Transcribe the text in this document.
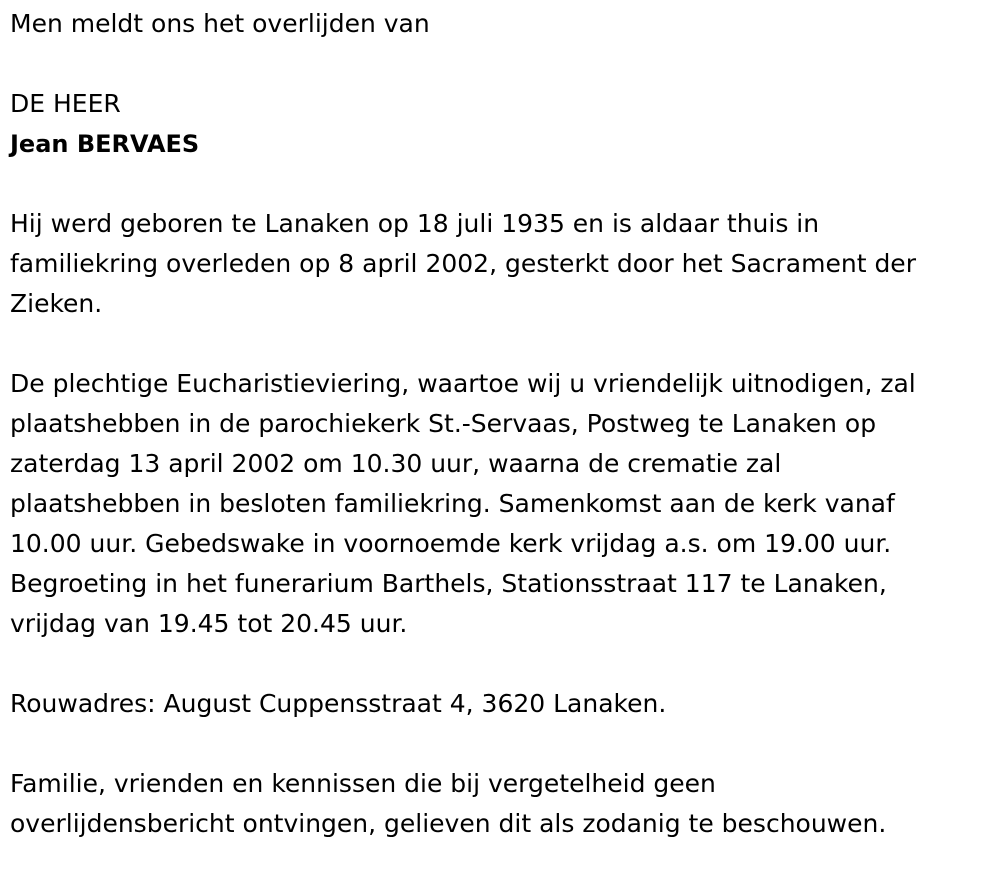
Men meldt ons het overlijden van

DE HEER

Jean BERVAES

Hij werd geboren te Lanaken op 18 juli 1935 en is aldaar thuis in

familiekring overleden op 8 april 2002, gesterkt door het Sacrament der

Zieken.

De plechtige Eucharistieviering, waartoe wij u vriendelijk uitnodigen, zal

plaatshebben in de parochiekerk St.-Servaas, Postweg te Lanaken op

zaterdag 13 april 2002 om 10.30 uur, waarna de crematie zal

plaatshebben in besloten familiekring. Samenkomst aan de kerk vanaf

10.00 uur. Gebedswake in voornoemde kerk vrijdag a.s. om 19.00 uur.

Begroeting in het funerarium Barthels, Stationsstraat 117 te Lanaken,

vrijdag van 19.45 tot 20.45 uur.

Rouwadres: August Cuppensstraat 4, 3620 Lanaken.

Familie, vrienden en kennissen die bij vergetelheid geen

overlijdensbericht ontvingen, gelieven dit als zodanig te beschouwen.
